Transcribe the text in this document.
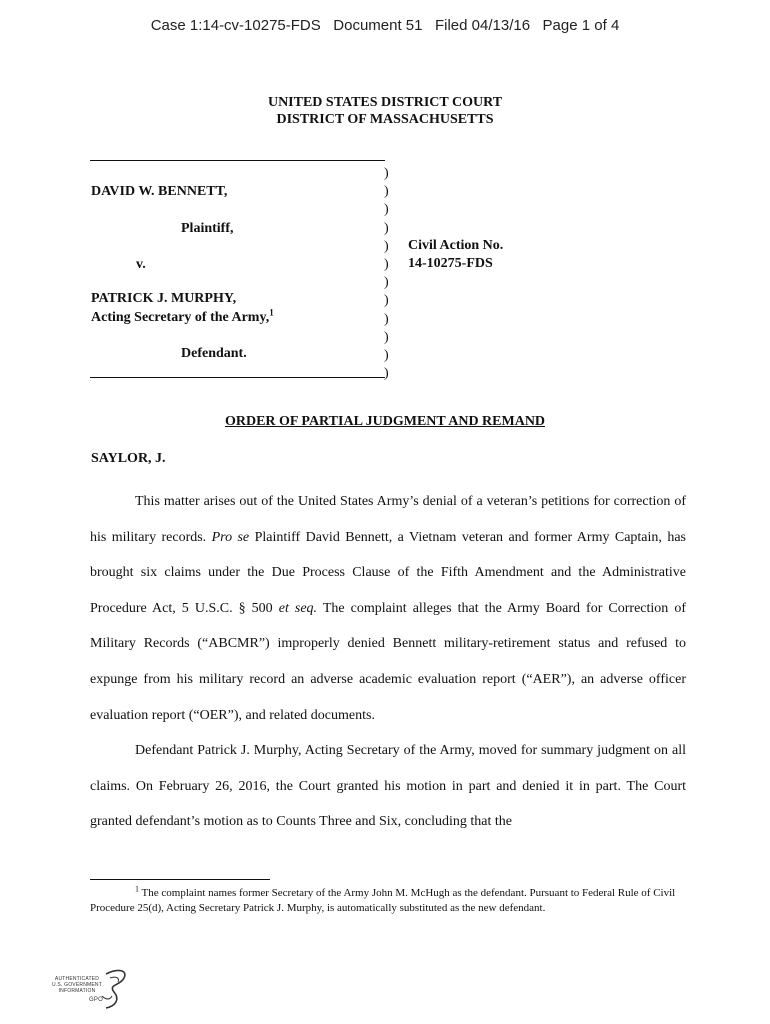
Case 1:14-cv-10275-FDS   Document 51   Filed 04/13/16   Page 1 of 4
UNITED STATES DISTRICT COURT
DISTRICT OF MASSACHUSETTS
)
)
)
)
)
)
)
)
)
)
)
)
DAVID W. BENNETT,
Plaintiff,
v.
PATRICK J. MURPHY,
Acting Secretary of the Army,$^1$
Defendant.
Civil Action No.
14-10275-FDS
ORDER OF PARTIAL JUDGMENT AND REMAND
SAYLOR, J.

This matter arises out of the United States Army’s denial of a veteran’s petitions for correction of his military records. Pro se Plaintiff David Bennett, a Vietnam veteran and former Army Captain, has brought six claims under the Due Process Clause of the Fifth Amendment and the Administrative Procedure Act, 5 U.S.C. § 500 et seq. The complaint alleges that the Army Board for Correction of Military Records (“ABCMR”) improperly denied Bennett military-retirement status and refused to expunge from his military record an adverse academic evaluation report (“AER”), an adverse officer evaluation report (“OER”), and related documents.

Defendant Patrick J. Murphy, Acting Secretary of the Army, moved for summary judgment on all claims. On February 26, 2016, the Court granted his motion in part and denied it in part. The Court granted defendant’s motion as to Counts Three and Six, concluding that the

$^1$ The complaint names former Secretary of the Army John M. McHugh as the defendant. Pursuant to Federal Rule of Civil Procedure 25(d), Acting Secretary Patrick J. Murphy, is automatically substituted as the new defendant.

AUTHENTICATED
U.S. GOVERNMENT
INFORMATION
GPO
